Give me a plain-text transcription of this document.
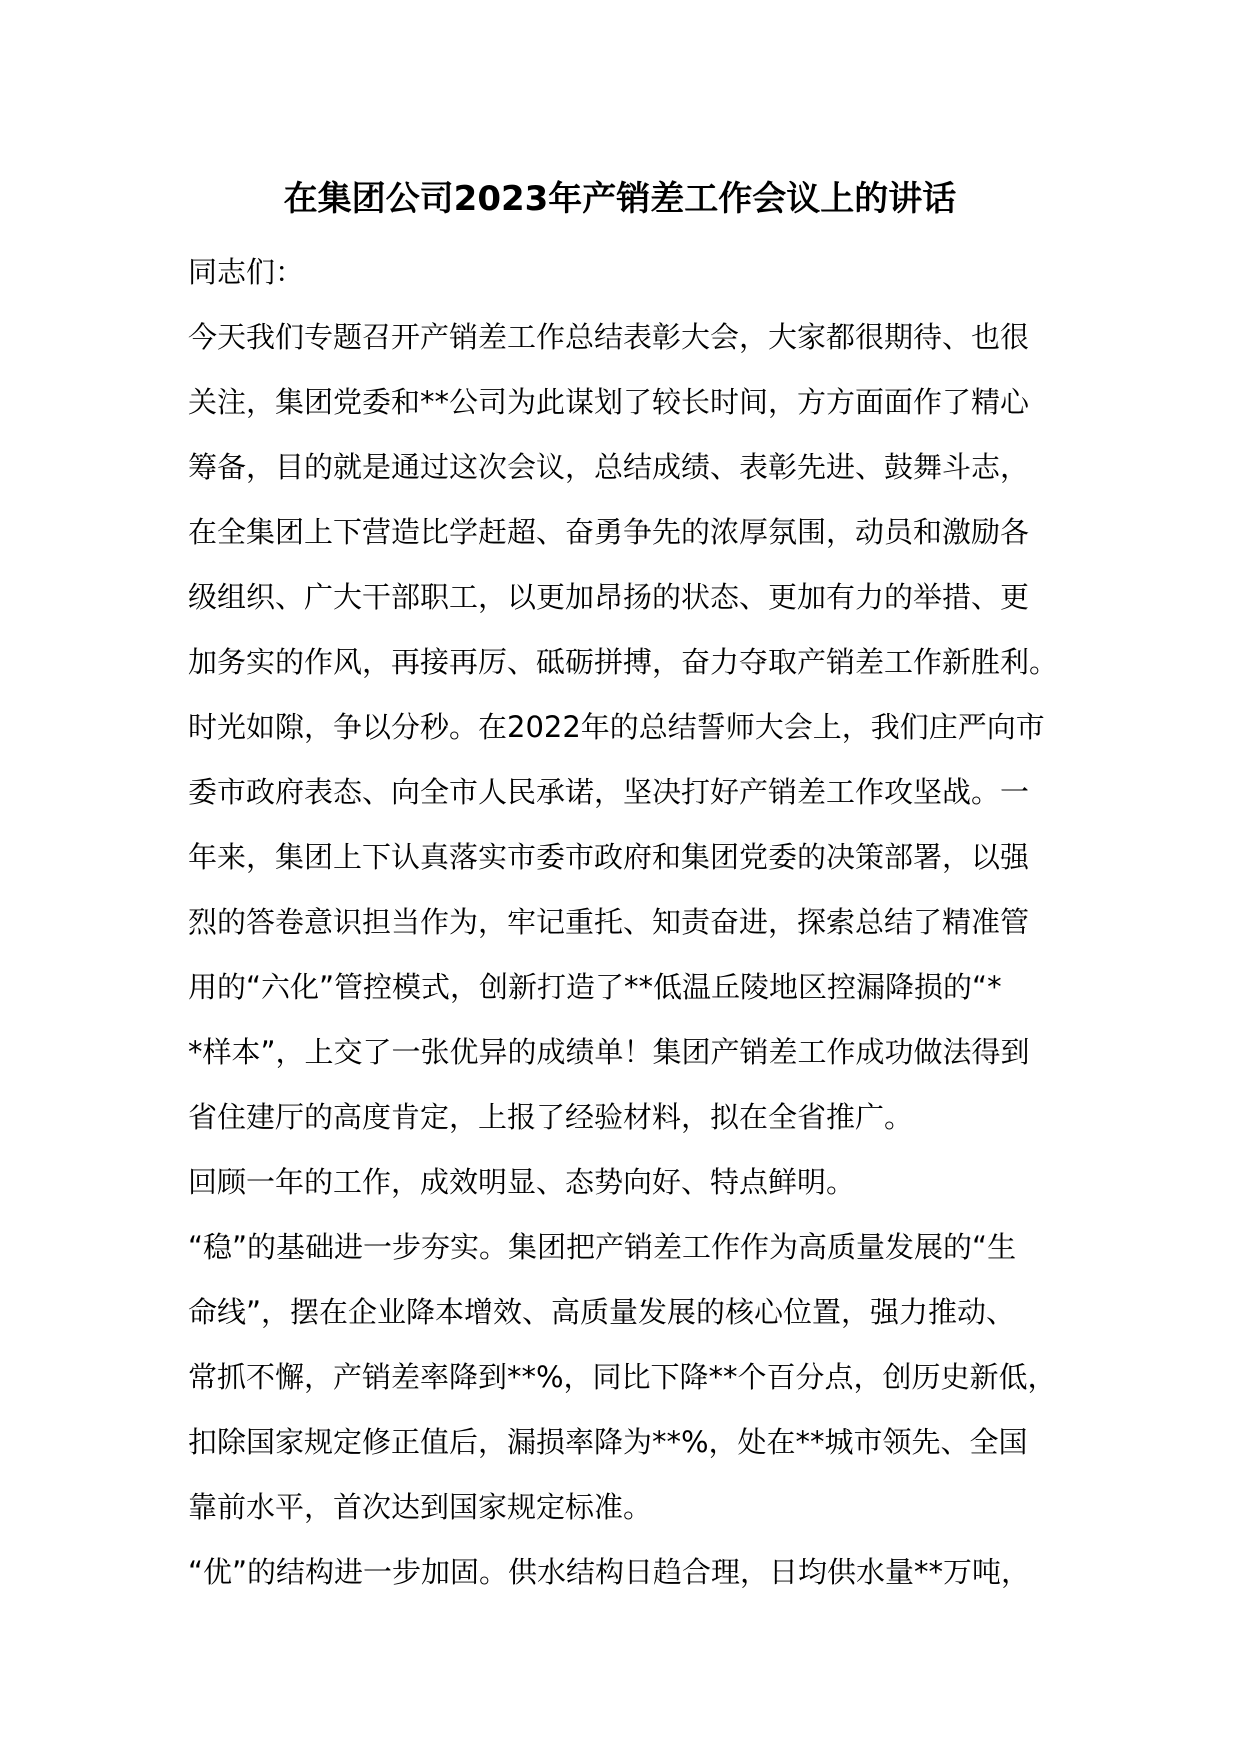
在集团公司2023年产销差工作会议上的讲话
同志们：
今天我们专题召开产销差工作总结表彰大会，大家都很期待、也很
关注，集团党委和**公司为此谋划了较长时间，方方面面作了精心
筹备，目的就是通过这次会议，总结成绩、表彰先进、鼓舞斗志，
在全集团上下营造比学赶超、奋勇争先的浓厚氛围，动员和激励各
级组织、广大干部职工，以更加昂扬的状态、更加有力的举措、更
加务实的作风，再接再厉、砥砺拼搏，奋力夺取产销差工作新胜利。
时光如隙，争以分秒。在2022年的总结誓师大会上，我们庄严向市
委市政府表态、向全市人民承诺，坚决打好产销差工作攻坚战。一
年来，集团上下认真落实市委市政府和集团党委的决策部署，以强
烈的答卷意识担当作为，牢记重托、知责奋进，探索总结了精准管
用的“六化”管控模式，创新打造了**低温丘陵地区控漏降损的“*
*样本”，上交了一张优异的成绩单！集团产销差工作成功做法得到
省住建厅的高度肯定，上报了经验材料，拟在全省推广。
回顾一年的工作，成效明显、态势向好、特点鲜明。
“稳”的基础进一步夯实。集团把产销差工作作为高质量发展的“生
命线”，摆在企业降本增效、高质量发展的核心位置，强力推动、
常抓不懈，产销差率降到**%，同比下降**个百分点，创历史新低，
扣除国家规定修正值后，漏损率降为**%，处在**城市领先、全国
靠前水平，首次达到国家规定标准。
“优”的结构进一步加固。供水结构日趋合理，日均供水量**万吨，
